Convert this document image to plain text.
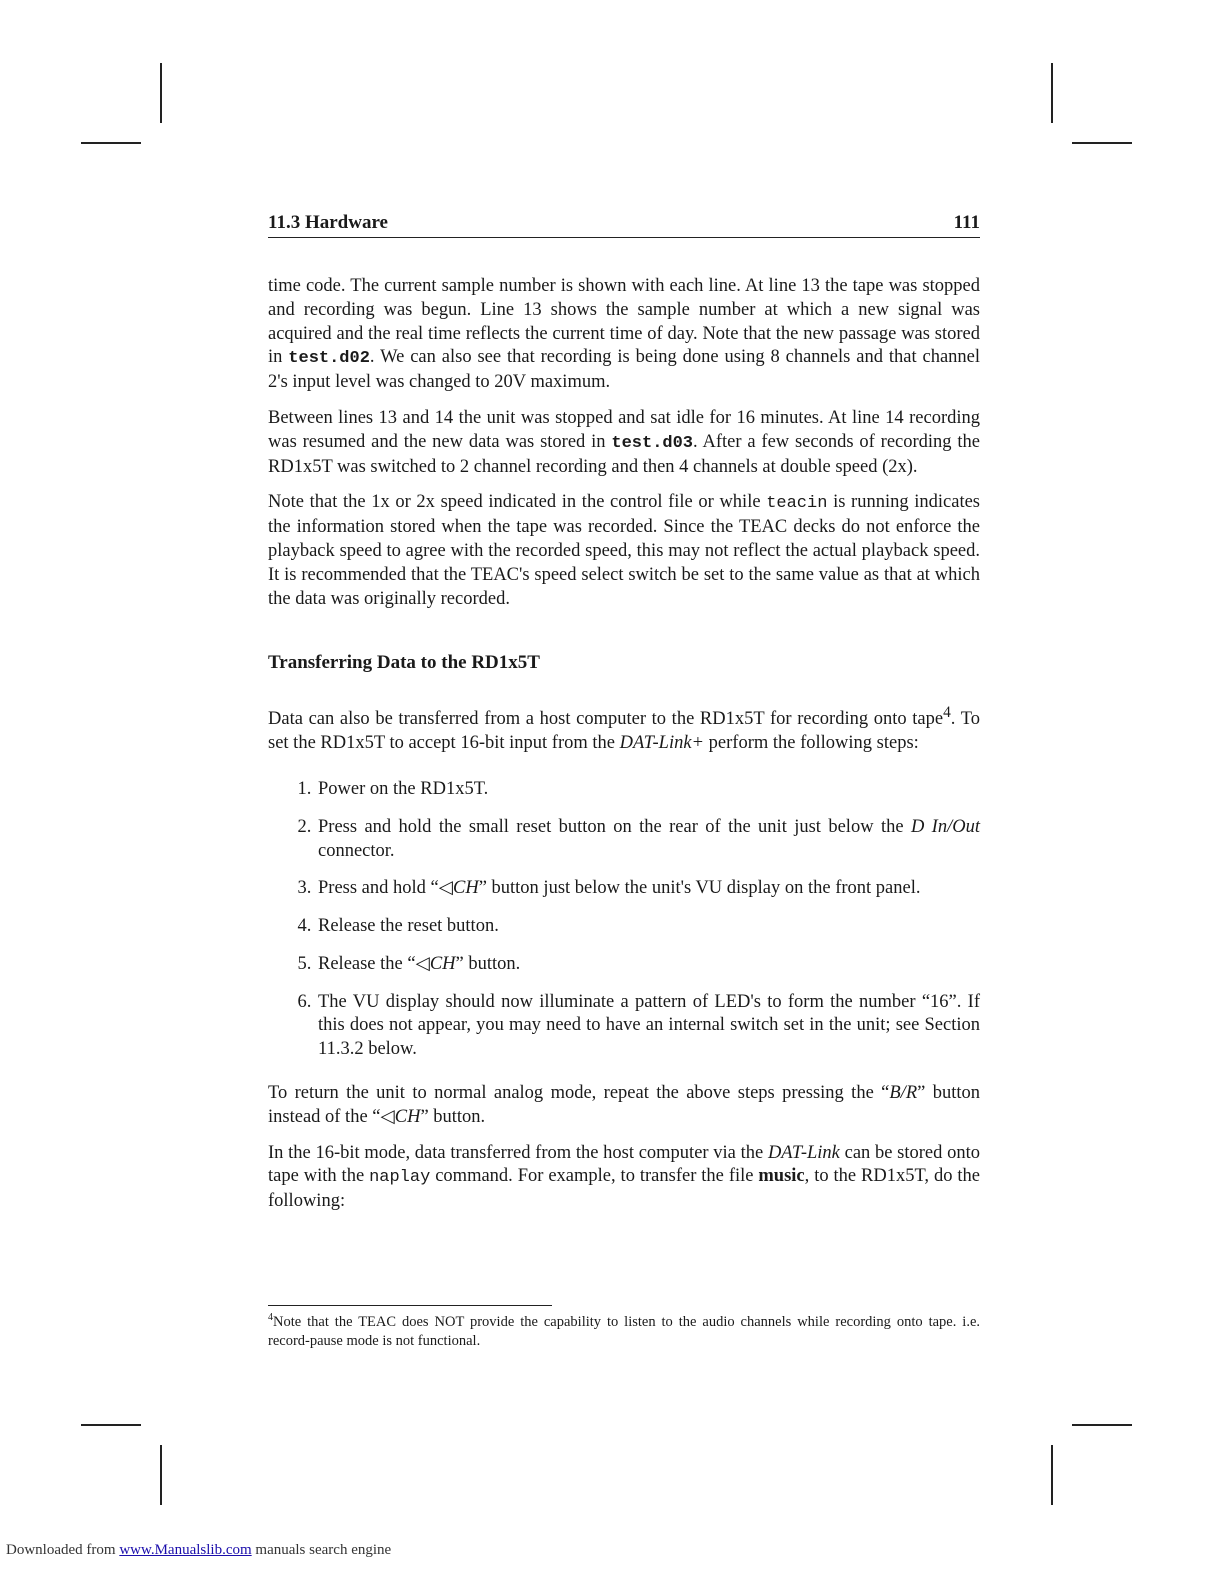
11.3 Hardware	111

time code. The current sample number is shown with each line. At line 13 the tape was stopped and recording was begun. Line 13 shows the sample number at which a new signal was acquired and the real time reflects the current time of day. Note that the new passage was stored in test.d02. We can also see that recording is being done using 8 channels and that channel 2's input level was changed to 20V maximum.

Between lines 13 and 14 the unit was stopped and sat idle for 16 minutes. At line 14 recording was resumed and the new data was stored in test.d03. After a few seconds of recording the RD1x5T was switched to 2 channel recording and then 4 channels at double speed (2x).

Note that the 1x or 2x speed indicated in the control file or while teacin is running indicates the information stored when the tape was recorded. Since the TEAC decks do not enforce the playback speed to agree with the recorded speed, this may not reflect the actual playback speed. It is recommended that the TEAC's speed select switch be set to the same value as that at which the data was originally recorded.

Transferring Data to the RD1x5T

Data can also be transferred from a host computer to the RD1x5T for recording onto tape$^4$. To set the RD1x5T to accept 16-bit input from the DAT-Link+ perform the following steps:

1. Power on the RD1x5T.
2. Press and hold the small reset button on the rear of the unit just below the D In/Out connector.
3. Press and hold “◁CH” button just below the unit's VU display on the front panel.
4. Release the reset button.
5. Release the “◁CH” button.
6. The VU display should now illuminate a pattern of LED's to form the number “16”. If this does not appear, you may need to have an internal switch set in the unit; see Section 11.3.2 below.

To return the unit to normal analog mode, repeat the above steps pressing the “B/R” button instead of the “◁CH” button.

In the 16-bit mode, data transferred from the host computer via the DAT-Link can be stored onto tape with the naplay command. For example, to transfer the file music, to the RD1x5T, do the following:

$^4$Note that the TEAC does NOT provide the capability to listen to the audio channels while recording onto tape. i.e. record-pause mode is not functional.
Downloaded from www.Manualslib.com manuals search engine
